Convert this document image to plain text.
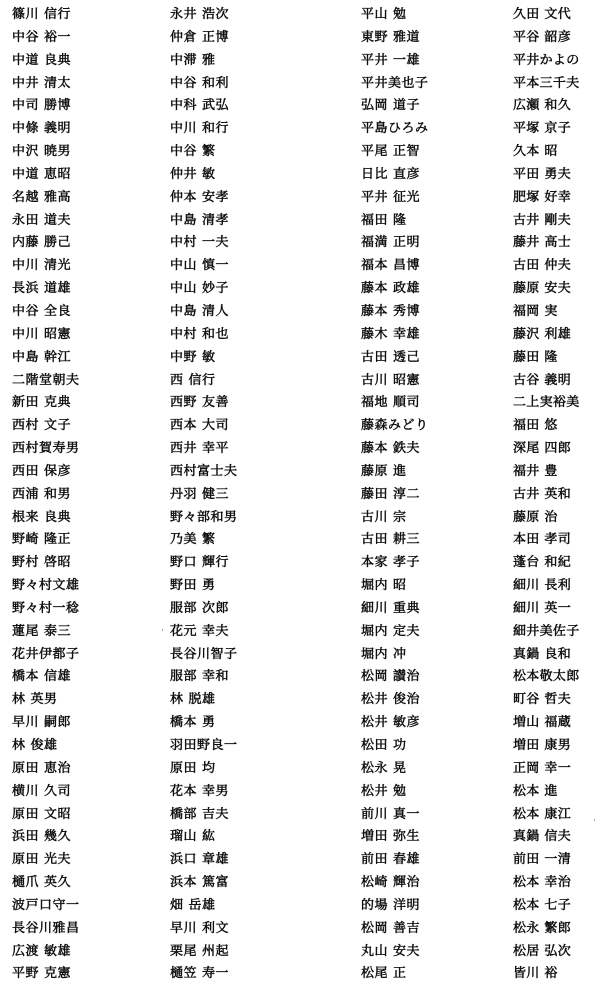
篠川 信行
中谷 裕一
中道 良典
中井 清太
中司 勝博
中條 義明
中沢 暁男
中道 恵昭
名越 雅高
永田 道夫
内藤 勝己
中川 清光
長浜 道雄
中谷 全良
中川 昭憲
中島 幹江
二階堂朝夫
新田 克典
西村 文子
西村賀寿男
西田 保彦
西浦 和男
根来 良典
野崎 隆正
野村 啓昭
野々村文雄
野々村一稔
蓮尾 泰三
花井伊都子
橋本 信雄
林 英男
早川 嗣郎
林 俊雄
原田 恵治
横川 久司
原田 文昭
浜田 幾久
原田 光夫
樋爪 英久
波戸口守一
長谷川雅昌
広渡 敏雄
平野 克憲
永井 浩次
仲倉 正博
中滞 雅
中谷 和利
中科 武弘
中川 和行
中谷 繁
仲井 敏
仲本 安孝
中島 清孝
中村 一夫
中山 慎一
中山 妙子
中島 清人
中村 和也
中野 敏
西 信行
西野 友善
西本 大司
西井 幸平
西村富士夫
丹羽 健三
野々部和男
乃美 繁
野口 輝行
野田 勇
服部 次郎
花元 幸夫
長谷川智子
服部 幸和
林 脱雄
橋本 勇
羽田野良一
原田 均
花本 幸男
橋部 吉夫
瑠山 紘
浜口 章雄
浜本 篤富
畑 岳雄
早川 利文
栗尾 州起
樋笠 寿一
平山 勉
東野 雅道
平井 一雄
平井美也子
弘岡 道子
平島ひろみ
平尾 正智
日比 直彦
平井 征光
福田 隆
福満 正明
福本 昌博
藤本 政雄
藤本 秀博
藤木 幸雄
古田 透己
古川 昭憲
福地 順司
藤森みどり
藤本 鉄夫
藤原 進
藤田 淳二
古川 宗
古田 耕三
本家 孝子
堀内 昭
細川 重典
堀内 定夫
堀内 冲
松岡 讃治
松井 俊治
松井 敏彦
松田 功
松永 晃
松井 勉
前川 真一
増田 弥生
前田 春雄
松崎 輝治
的場 洋明
松岡 善吉
丸山 安夫
松尾 正
久田 文代
平谷 韶彦
平井かよの
平本三千夫
広瀬 和久
平塚 京子
久本 昭
平田 勇夫
肥塚 好幸
古井 剛夫
藤井 高士
古田 仲夫
藤原 安夫
福岡 実
藤沢 利雄
藤田 隆
古谷 義明
二上実裕美
福田 悠
深尾 四郎
福井 豊
古井 英和
藤原 治
本田 孝司
蓬台 和紀
細川 長利
細川 英一
細井美佐子
真鍋 良和
松本敬太郎
町谷 哲夫
増山 福蔵
増田 康男
正岡 幸一
松本 進
松本 康江
真鍋 信夫
前田 一清
松本 幸治
松本 七子
松永 繁郎
松居 弘次
皆川 裕
˙
˙
